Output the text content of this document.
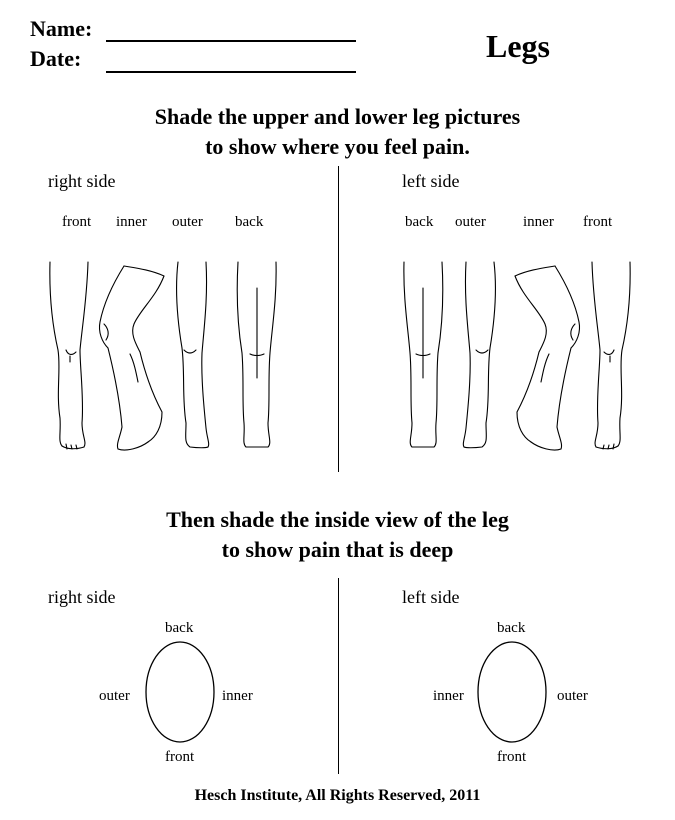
Name:
Date:	Legs
Shade the upper and lower leg pictures
to show where you feel pain.
right side	left side
front inner outer back	back outer inner front
Then shade the inside view of the leg
to show pain that is deep
right side	left side
back
outer	inner
front
back
inner	outer
front
Hesch Institute, All Rights Reserved, 2011
